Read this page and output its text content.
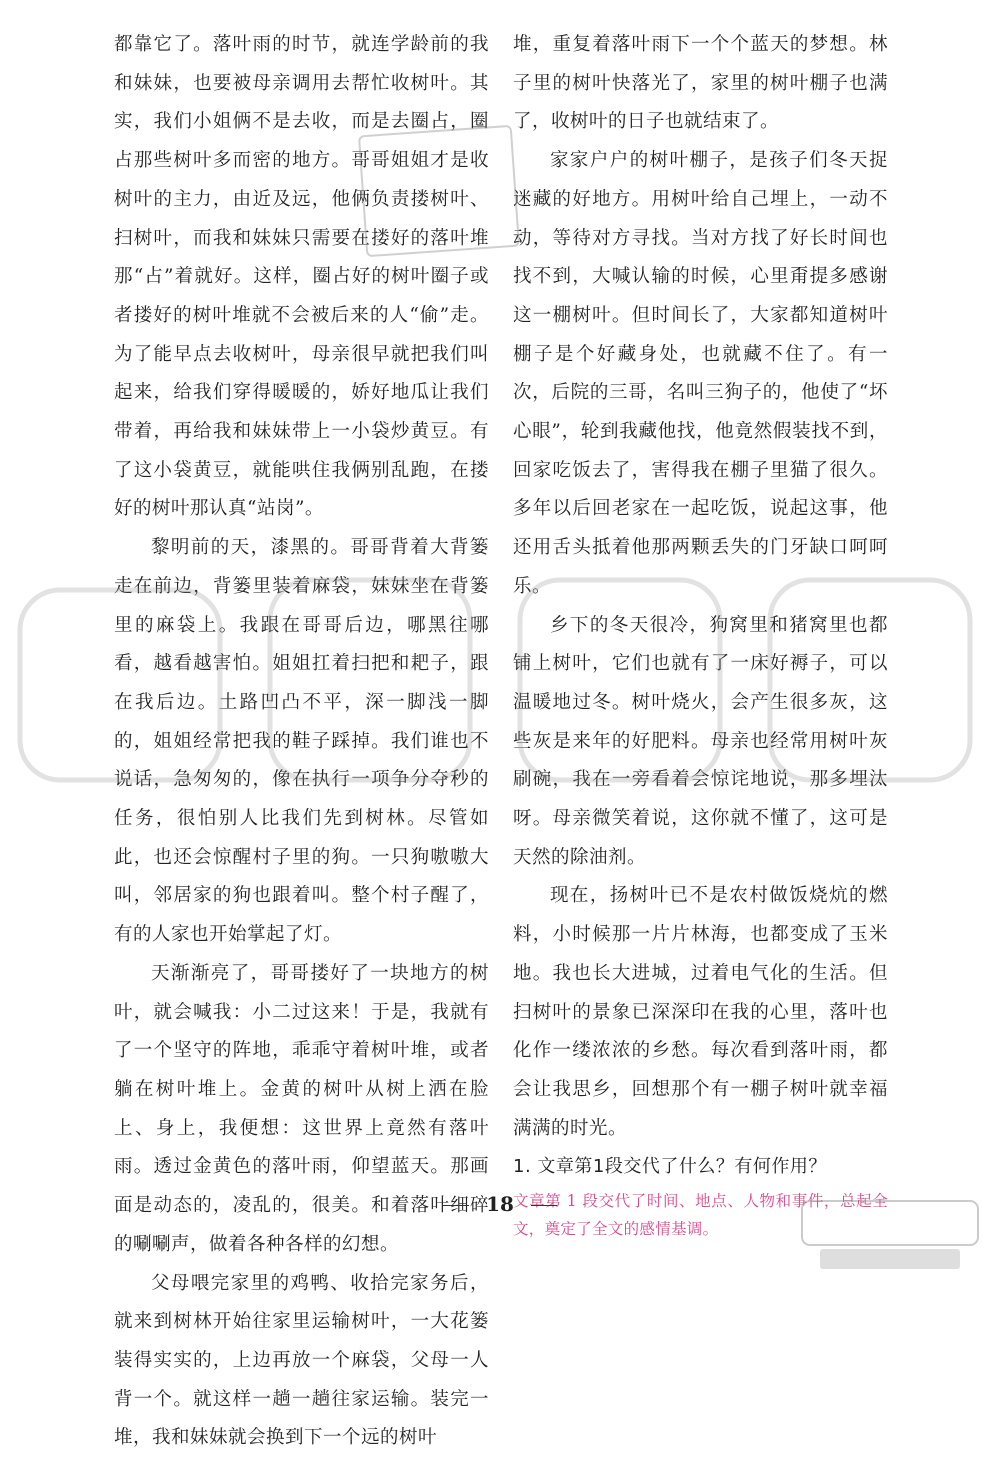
都靠它了。落叶雨的时节，就连学龄前的我和妹妹，也要被母亲调用去帮忙收树叶。其实，我们小姐俩不是去收，而是去圈占，圈占那些树叶多而密的地方。哥哥姐姐才是收树叶的主力，由近及远，他俩负责搂树叶、扫树叶，而我和妹妹只需要在搂好的落叶堆那“占”着就好。这样，圈占好的树叶圈子或者搂好的树叶堆就不会被后来的人“偷”走。为了能早点去收树叶，母亲很早就把我们叫起来，给我们穿得暖暖的，娇好地瓜让我们带着，再给我和妹妹带上一小袋炒黄豆。有了这小袋黄豆，就能哄住我俩别乱跑，在搂好的树叶那认真“站岗”。

黎明前的天，漆黑的。哥哥背着大背篓走在前边，背篓里装着麻袋，妹妹坐在背篓里的麻袋上。我跟在哥哥后边，哪黑往哪看，越看越害怕。姐姐扛着扫把和耙子，跟在我后边。土路凹凸不平，深一脚浅一脚的，姐姐经常把我的鞋子踩掉。我们谁也不说话，急匆匆的，像在执行一项争分夺秒的任务，很怕别人比我们先到树林。尽管如此，也还会惊醒村子里的狗。一只狗嗷嗷大叫，邻居家的狗也跟着叫。整个村子醒了，有的人家也开始掌起了灯。

天渐渐亮了，哥哥搂好了一块地方的树叶，就会喊我：小二过这来！于是，我就有了一个坚守的阵地，乖乖守着树叶堆，或者躺在树叶堆上。金黄的树叶从树上洒在脸上、身上，我便想：这世界上竟然有落叶雨。透过金黄色的落叶雨，仰望蓝天。那画面是动态的，凌乱的，很美。和着落叶细碎的唰唰声，做着各种各样的幻想。

父母喂完家里的鸡鸭、收拾完家务后，就来到树林开始往家里运输树叶，一大花篓装得实实的，上边再放一个麻袋，父母一人背一个。就这样一趟一趟往家运输。装完一堆，我和妹妹就会换到下一个远的树叶

堆，重复着落叶雨下一个个蓝天的梦想。林子里的树叶快落光了，家里的树叶棚子也满了，收树叶的日子也就结束了。

家家户户的树叶棚子，是孩子们冬天捉迷藏的好地方。用树叶给自己埋上，一动不动，等待对方寻找。当对方找了好长时间也找不到，大喊认输的时候，心里甭提多感谢这一棚树叶。但时间长了，大家都知道树叶棚子是个好藏身处，也就藏不住了。有一次，后院的三哥，名叫三狗子的，他使了“坏心眼”，轮到我藏他找，他竟然假装找不到，回家吃饭去了，害得我在棚子里猫了很久。多年以后回老家在一起吃饭，说起这事，他还用舌头抵着他那两颗丢失的门牙缺口呵呵乐。

乡下的冬天很冷，狗窝里和猪窝里也都铺上树叶，它们也就有了一床好褥子，可以温暖地过冬。树叶烧火，会产生很多灰，这些灰是来年的好肥料。母亲也经常用树叶灰刷碗，我在一旁看着会惊诧地说，那多埋汰呀。母亲微笑着说，这你就不懂了，这可是天然的除油剂。

现在，扬树叶已不是农村做饭烧炕的燃料，小时候那一片片林海，也都变成了玉米地。我也长大进城，过着电气化的生活。但扫树叶的景象已深深印在我的心里，落叶也化作一缕浓浓的乡愁。每次看到落叶雨，都会让我思乡，回想那个有一棚子树叶就幸福满满的时光。

1. 文章第1段交代了什么？有何作用？

文章第 1 段交代了时间、地点、人物和事件，总起全文，奠定了全文的感情基调。

18
